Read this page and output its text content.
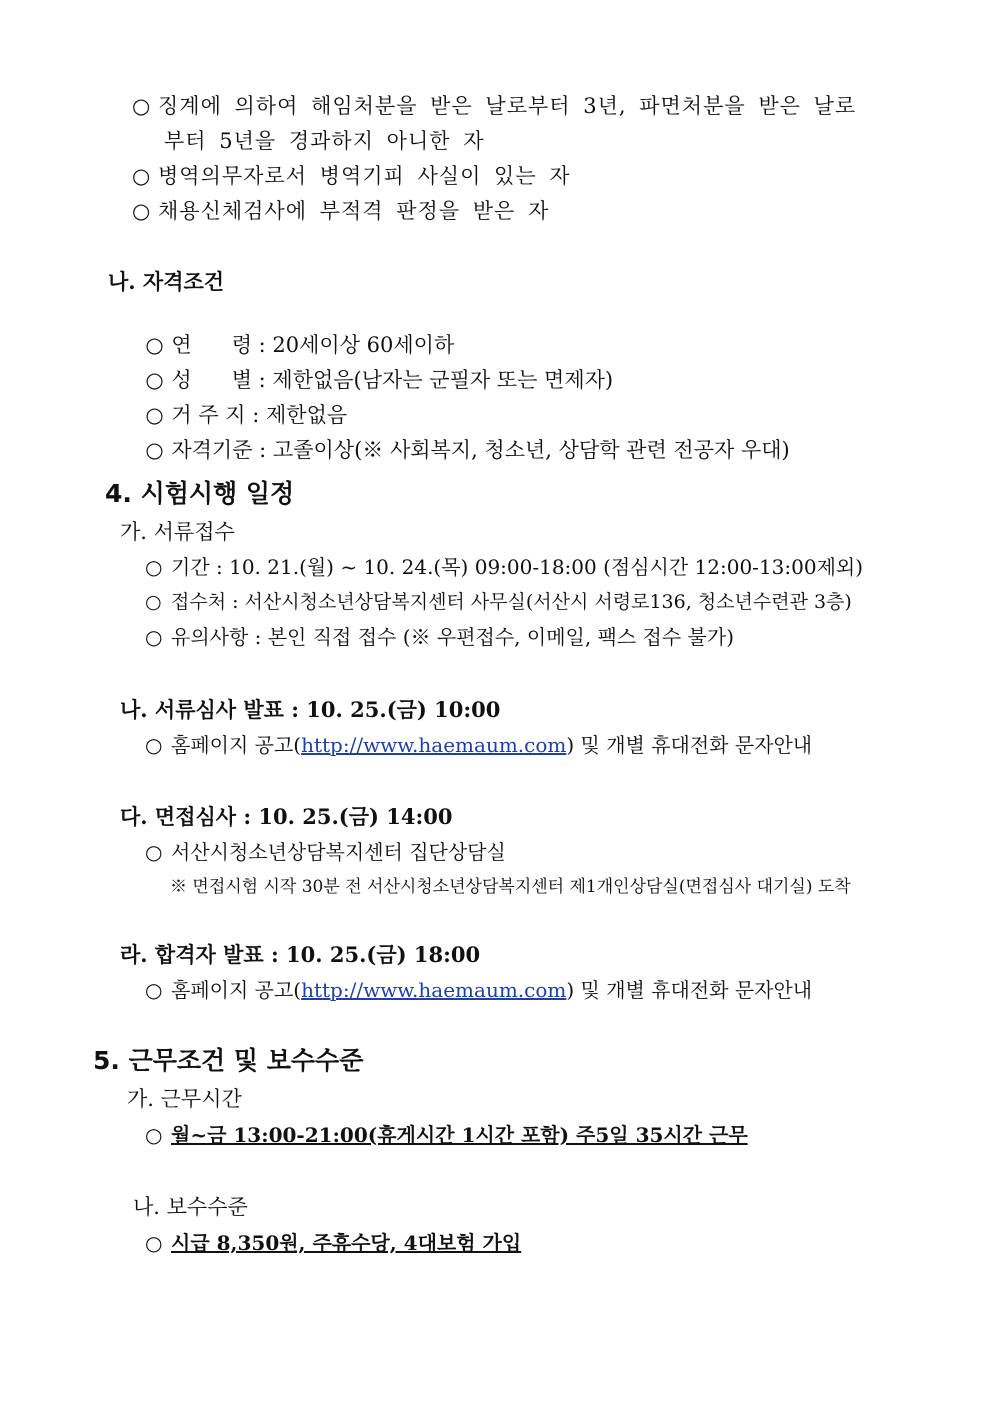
○ 징계에 의하여 해임처분을 받은 날로부터 3년, 파면처분을 받은 날로
부터 5년을 경과하지 아니한 자
○ 병역의무자로서 병역기피 사실이 있는 자
○ 채용신체검사에 부적격 판정을 받은 자
나. 자격조건

○ 연      령 : 20세이상 60세이하

○ 성      별 : 제한없음(남자는 군필자 또는 면제자)

○ 거 주 지 : 제한없음

○ 자격기준 : 고졸이상(※ 사회복지, 청소년, 상담학 관련 전공자 우대)

4. 시험시행 일정
가. 서류접수
○ 기간 : 10. 21.(월) ~ 10. 24.(목) 09:00-18:00 (점심시간 12:00-13:00제외)
○ 접수처 : 서산시청소년상담복지센터 사무실(서산시 서령로136, 청소년수련관 3층)
○ 유의사항 : 본인 직접 접수 (※ 우편접수, 이메일, 팩스 접수 불가)
나. 서류심사 발표 : 10. 25.(금) 10:00
○ 홈페이지 공고(http://www.haemaum.com) 및 개별 휴대전화 문자안내
다. 면접심사 : 10. 25.(금) 14:00
○ 서산시청소년상담복지센터 집단상담실
※ 면접시험 시작 30분 전 서산시청소년상담복지센터 제1개인상담실(면접심사 대기실) 도착
라. 합격자 발표 : 10. 25.(금) 18:00
○ 홈페이지 공고(http://www.haemaum.com) 및 개별 휴대전화 문자안내
5. 근무조건 및 보수수준
가. 근무시간
○ 월~금 13:00-21:00(휴게시간 1시간 포함) 주5일 35시간 근무
나. 보수수준
○ 시급 8,350원, 주휴수당, 4대보험 가입
